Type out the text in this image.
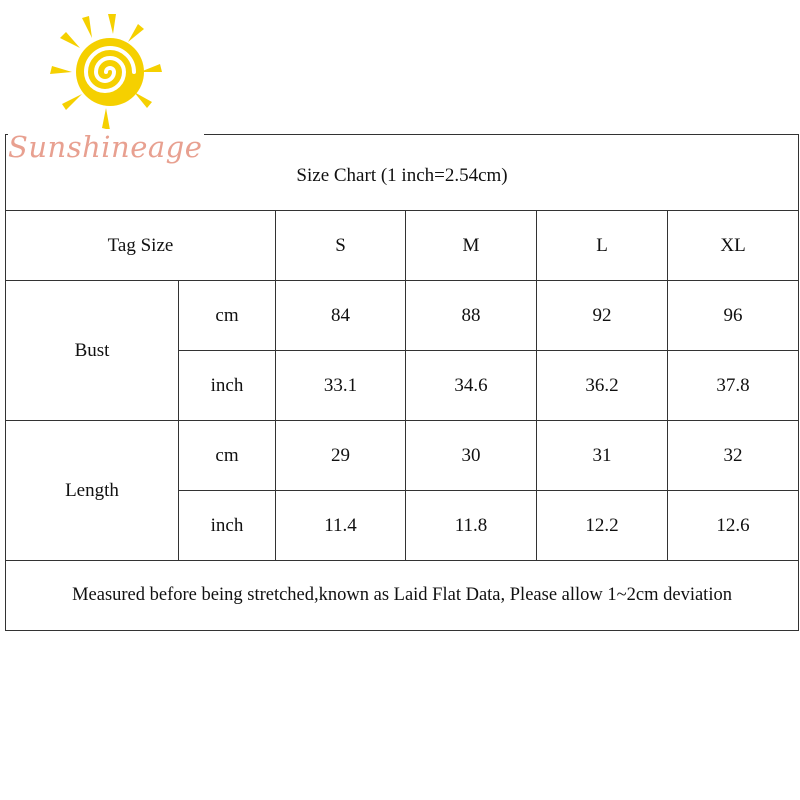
Size Chart (1 inch=2.54cm)					
Tag Size		S	M	L	XL
Bust	cm	84	88	92	96
	inch	33.1	34.6	36.2	37.8
Length	cm	29	30	31	32
	inch	11.4	11.8	12.2	12.6
Measured before being stretched,known as Laid Flat Data, Please allow 1~2cm deviation					
Sunshineage
